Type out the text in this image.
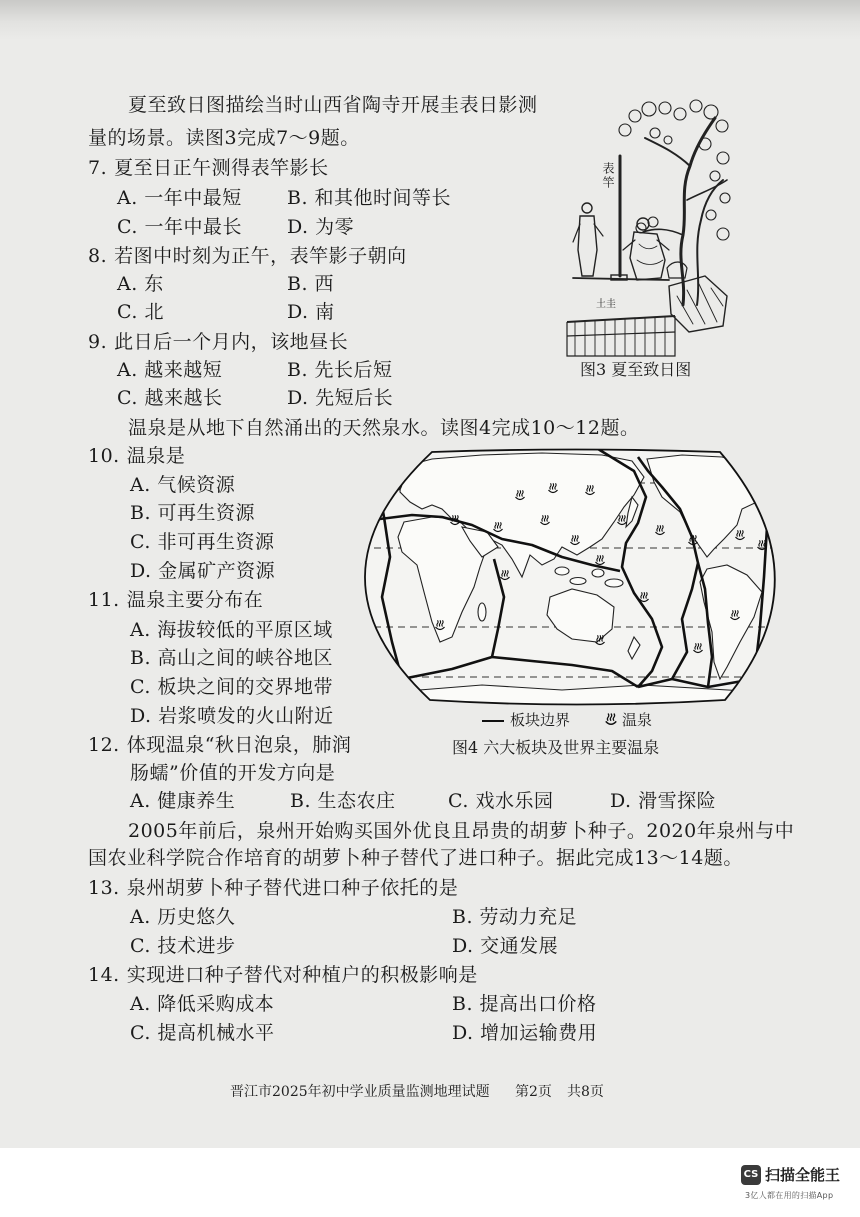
夏至致日图描绘当时山西省陶寺开展圭表日影测
量的场景。读图3完成7～9题。
7. 夏至日正午测得表竿影长
A. 一年中最短 B. 和其他时间等长
C. 一年中最长 D. 为零
8. 若图中时刻为正午，表竿影子朝向
A. 东	B. 西
C. 北	D. 南
9. 此日后一个月内，该地昼长
A. 越来越短	B. 先长后短
C. 越来越长	D. 先短后长
表竿
土圭
图3 夏至致日图
温泉是从地下自然涌出的天然泉水。读图4完成10～12题。
10. 温泉是
A. 气候资源
B. 可再生资源
C. 非可再生资源
D. 金属矿产资源
11. 温泉主要分布在
A. 海拔较低的平原区域
B. 高山之间的峡谷地区
C. 板块之间的交界地带
D. 岩浆喷发的火山附近
12. 体现温泉“秋日泡泉，肺润
肠蠕”价值的开发方向是
A. 健康养生	B. 生态农庄	C. 戏水乐园	D. 滑雪探险
板块边界	温泉
图4 六大板块及世界主要温泉
2005年前后，泉州开始购买国外优良且昂贵的胡萝卜种子。2020年泉州与中
国农业科学院合作培育的胡萝卜种子替代了进口种子。据此完成13～14题。
13. 泉州胡萝卜种子替代进口种子依托的是
A. 历史悠久	B. 劳动力充足
C. 技术进步	D. 交通发展
14. 实现进口种子替代对种植户的积极影响是
A. 降低采购成本	B. 提高出口价格
C. 提高机械水平	D. 增加运输费用
晋江市2025年初中学业质量监测地理试题 第2页 共8页
CS 扫描全能王
3亿人都在用的扫描App
